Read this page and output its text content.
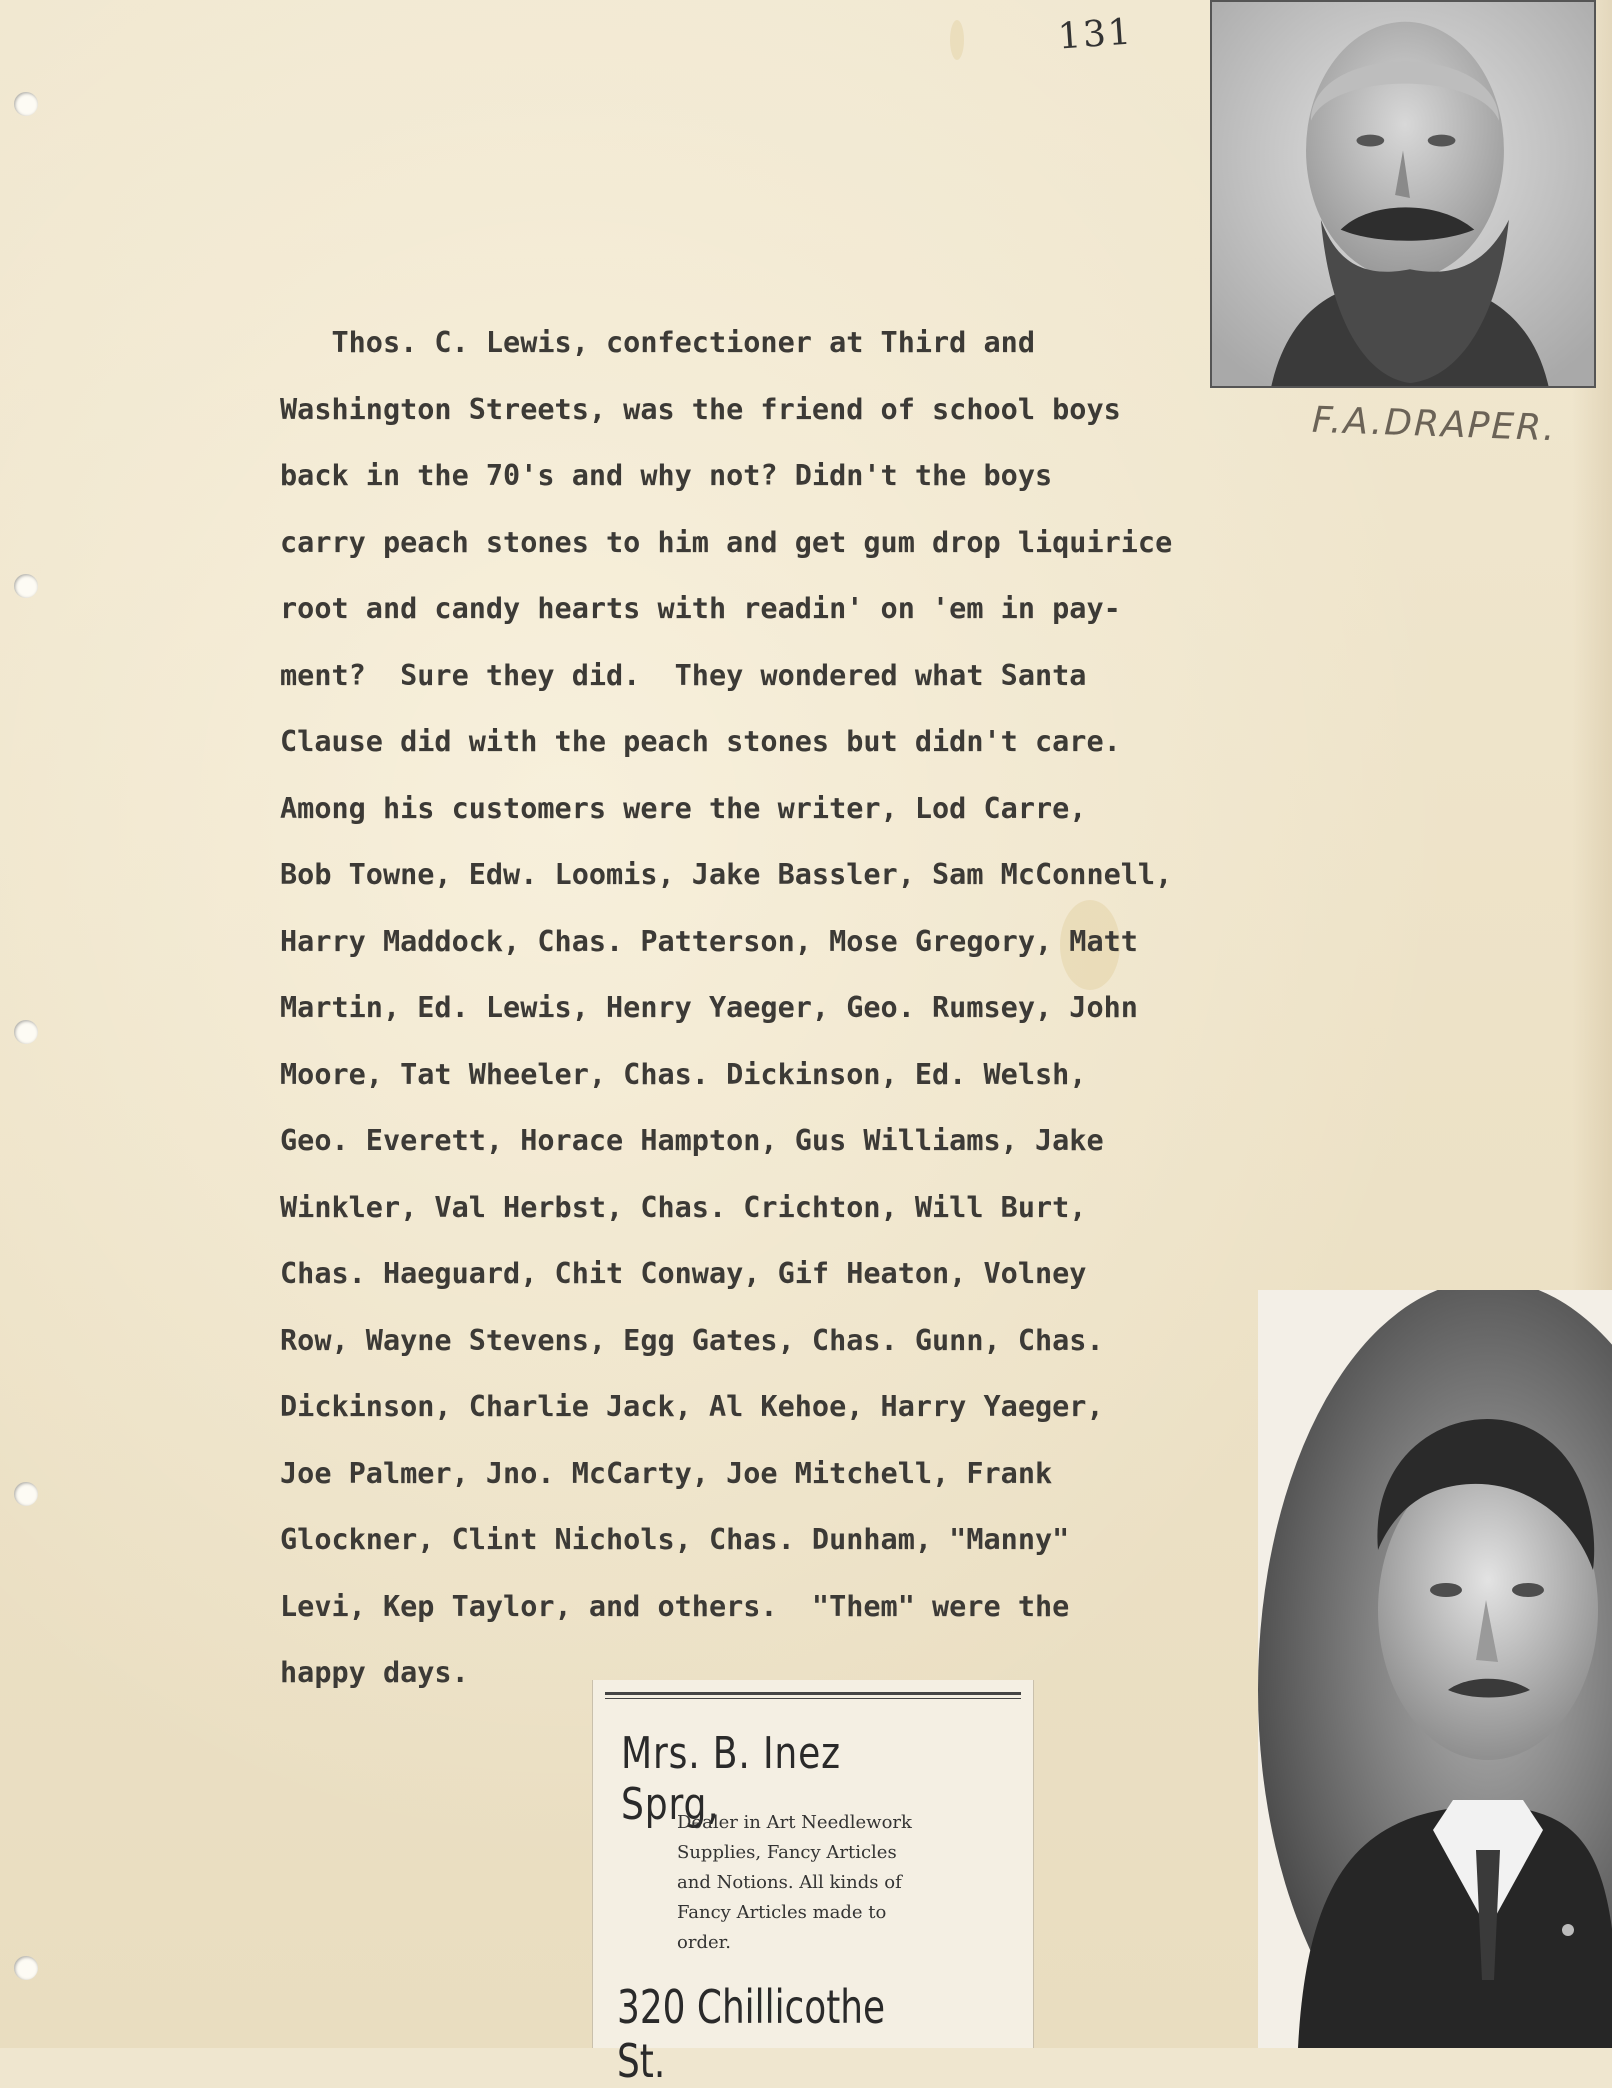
131
Thos. C. Lewis, confectioner at Third and
Washington Streets, was the friend of school boys
back in the 70's and why not? Didn't the boys
carry peach stones to him and get gum drop liquirice
root and candy hearts with readin' on 'em in pay-
ment?  Sure they did.  They wondered what Santa
Clause did with the peach stones but didn't care.
Among his customers were the writer, Lod Carre,
Bob Towne, Edw. Loomis, Jake Bassler, Sam McConnell,
Harry Maddock, Chas. Patterson, Mose Gregory, Matt
Martin, Ed. Lewis, Henry Yaeger, Geo. Rumsey, John
Moore, Tat Wheeler, Chas. Dickinson, Ed. Welsh,
Geo. Everett, Horace Hampton, Gus Williams, Jake
Winkler, Val Herbst, Chas. Crichton, Will Burt,
Chas. Haeguard, Chit Conway, Gif Heaton, Volney
Row, Wayne Stevens, Egg Gates, Chas. Gunn, Chas.
Dickinson, Charlie Jack, Al Kehoe, Harry Yaeger,
Joe Palmer, Jno. McCarty, Joe Mitchell, Frank
Glockner, Clint Nichols, Chas. Dunham, "Manny"
Levi, Kep Taylor, and others.  "Them" were the
happy days.
F.A.DRAPER.
Mrs. B. Inez Sprg,
Dealer in Art Needlework
Supplies, Fancy Articles
and Notions. All kinds of
Fancy Articles made to
order.
320 Chillicothe St.
